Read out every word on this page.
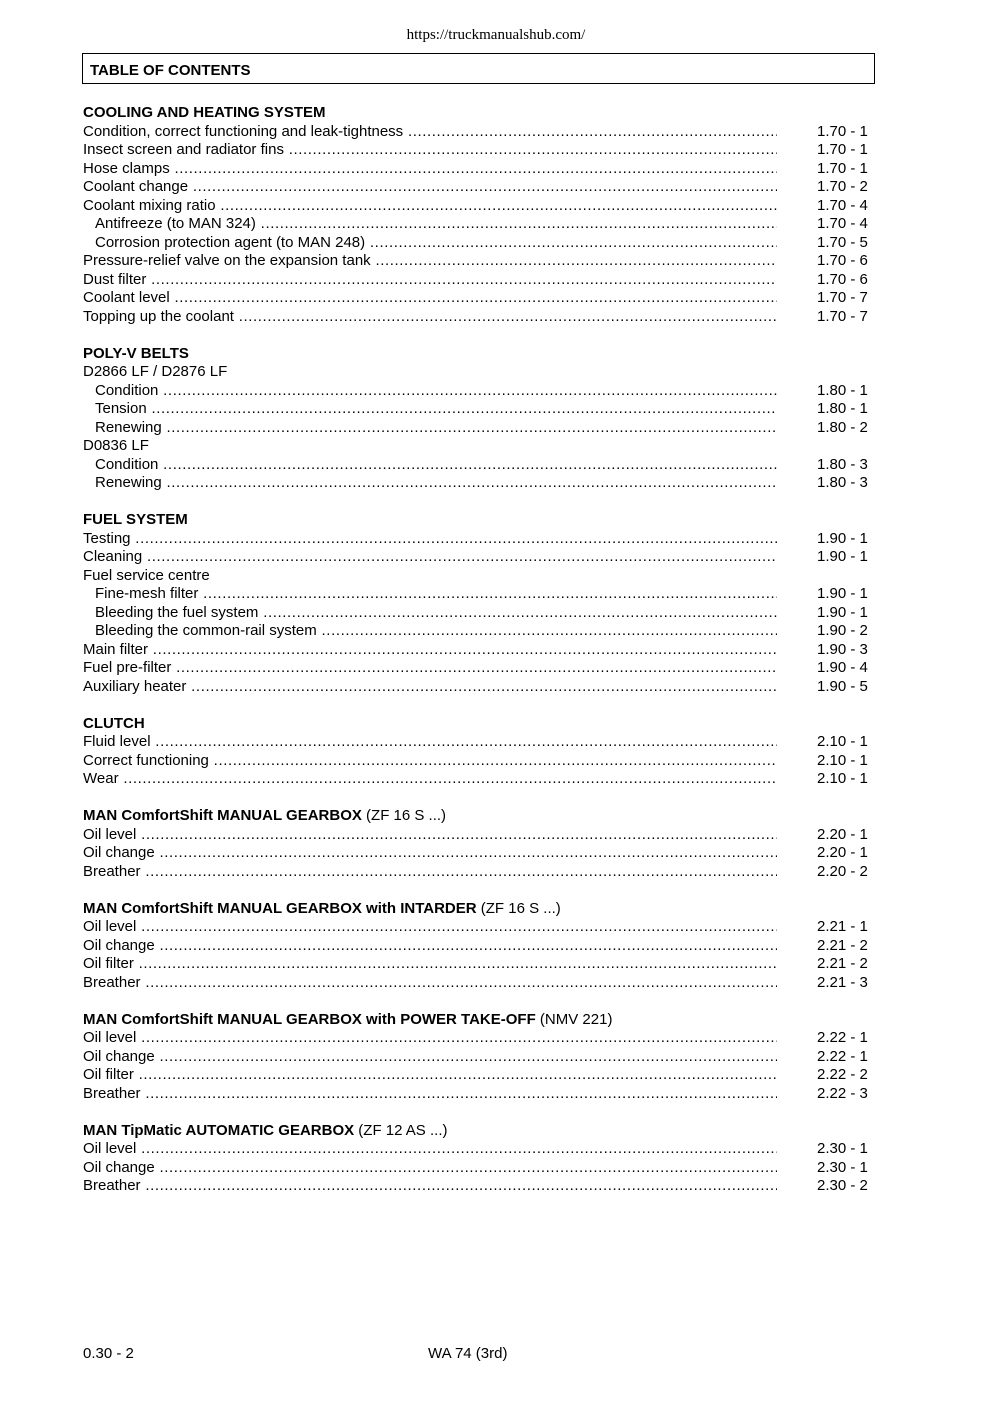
https://truckmanualshub.com/
TABLE OF CONTENTS
COOLING AND HEATING SYSTEM
Condition, correct functioning and leak-tightness .....	1.70 - 1
Insect screen and radiator fins .....	1.70 - 1
Hose clamps .....	1.70 - 1
Coolant change .....	1.70 - 2
Coolant mixing ratio .....	1.70 - 4
Antifreeze (to MAN 324) .....	1.70 - 4
Corrosion protection agent (to MAN 248) .....	1.70 - 5
Pressure-relief valve on the expansion tank .....	1.70 - 6
Dust filter .....	1.70 - 6
Coolant level .....	1.70 - 7
Topping up the coolant .....	1.70 - 7
POLY-V BELTS
D2866 LF / D2876 LF
Condition .....	1.80 - 1
Tension .....	1.80 - 1
Renewing .....	1.80 - 2
D0836 LF
Condition .....	1.80 - 3
Renewing .....	1.80 - 3
FUEL SYSTEM
Testing .....	1.90 - 1
Cleaning .....	1.90 - 1
Fuel service centre
Fine-mesh filter .....	1.90 - 1
Bleeding the fuel system .....	1.90 - 1
Bleeding the common-rail system .....	1.90 - 2
Main filter .....	1.90 - 3
Fuel pre-filter .....	1.90 - 4
Auxiliary heater .....	1.90 - 5
CLUTCH
Fluid level .....	2.10 - 1
Correct functioning .....	2.10 - 1
Wear .....	2.10 - 1
MAN ComfortShift MANUAL GEARBOX (ZF 16 S ...)
Oil level .....	2.20 - 1
Oil change .....	2.20 - 1
Breather .....	2.20 - 2
MAN ComfortShift MANUAL GEARBOX with INTARDER (ZF 16 S ...)
Oil level .....	2.21 - 1
Oil change .....	2.21 - 2
Oil filter .....	2.21 - 2
Breather .....	2.21 - 3
MAN ComfortShift MANUAL GEARBOX with POWER TAKE-OFF (NMV 221)
Oil level .....	2.22 - 1
Oil change .....	2.22 - 1
Oil filter .....	2.22 - 2
Breather .....	2.22 - 3
MAN TipMatic AUTOMATIC GEARBOX (ZF 12 AS ...)
Oil level .....	2.30 - 1
Oil change .....	2.30 - 1
Breather .....	2.30 - 2
0.30 - 2	WA 74 (3rd)
